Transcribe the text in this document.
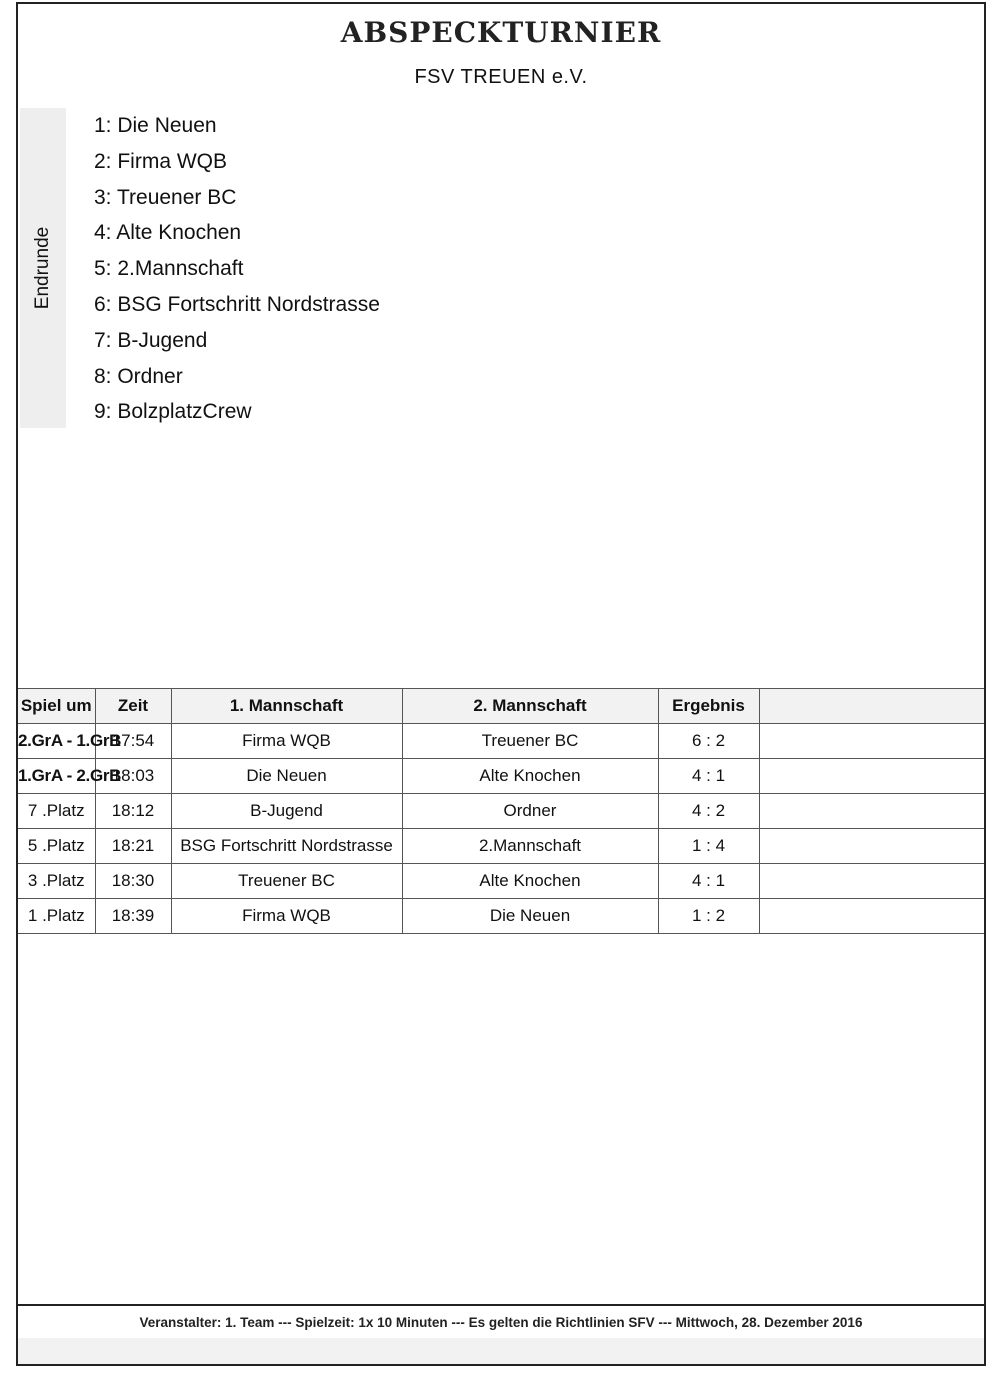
ABSPECKTURNIER
FSV TREUEN e.V.
Endrunde
1: Die Neuen
2: Firma WQB
3: Treuener BC
4: Alte Knochen
5: 2.Mannschaft
6: BSG Fortschritt Nordstrasse
7: B-Jugend
8: Ordner
9: BolzplatzCrew
Spiel um	Zeit	1. Mannschaft	2. Mannschaft	Ergebnis	
2.GrA - 1.GrB	17:54	Firma WQB	Treuener BC	6 : 2	
1.GrA - 2.GrB	18:03	Die Neuen	Alte Knochen	4 : 1	
7 .Platz	18:12	B-Jugend	Ordner	4 : 2	
5 .Platz	18:21	BSG Fortschritt Nordstrasse	2.Mannschaft	1 : 4	
3 .Platz	18:30	Treuener BC	Alte Knochen	4 : 1	
1 .Platz	18:39	Firma WQB	Die Neuen	1 : 2	
Veranstalter: 1. Team --- Spielzeit: 1x 10 Minuten --- Es gelten die Richtlinien SFV --- Mittwoch, 28. Dezember 2016
